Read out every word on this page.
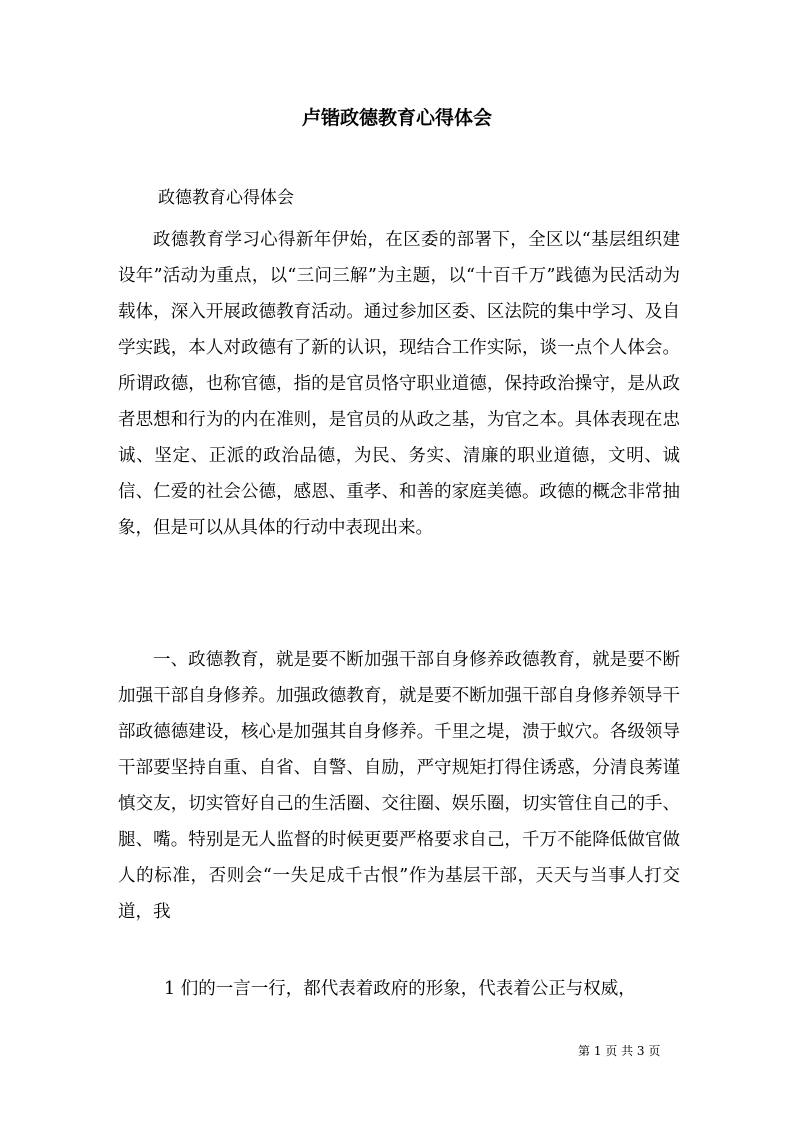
卢锴政德教育心得体会
政德教育心得体会

政德教育学习心得新年伊始，在区委的部署下，全区以“基层组织建设年”活动为重点，以“三问三解”为主题，以“十百千万”践德为民活动为载体，深入开展政德教育活动。通过参加区委、区法院的集中学习、及自学实践，本人对政德有了新的认识，现结合工作实际，谈一点个人体会。所谓政德，也称官德，指的是官员恪守职业道德，保持政治操守，是从政者思想和行为的内在准则，是官员的从政之基，为官之本。具体表现在忠诚、坚定、正派的政治品德，为民、务实、清廉的职业道德，文明、诚信、仁爱的社会公德，感恩、重孝、和善的家庭美德。政德的概念非常抽象，但是可以从具体的行动中表现出来。

一、政德教育，就是要不断加强干部自身修养政德教育，就是要不断加强干部自身修养。加强政德教育，就是要不断加强干部自身修养领导干部政德德建设，核心是加强其自身修养。千里之堤，溃于蚁穴。各级领导干部要坚持自重、自省、自警、自励，严守规矩打得住诱惑，分清良莠谨慎交友，切实管好自己的生活圈、交往圈、娱乐圈，切实管住自己的手、腿、嘴。特别是无人监督的时候更要严格要求自己，千万不能降低做官做人的标准，否则会“一失足成千古恨”作为基层干部，天天与当事人打交道，我

1 们的一言一行，都代表着政府的形象，代表着公正与权威，
第 1 页 共 3 页
